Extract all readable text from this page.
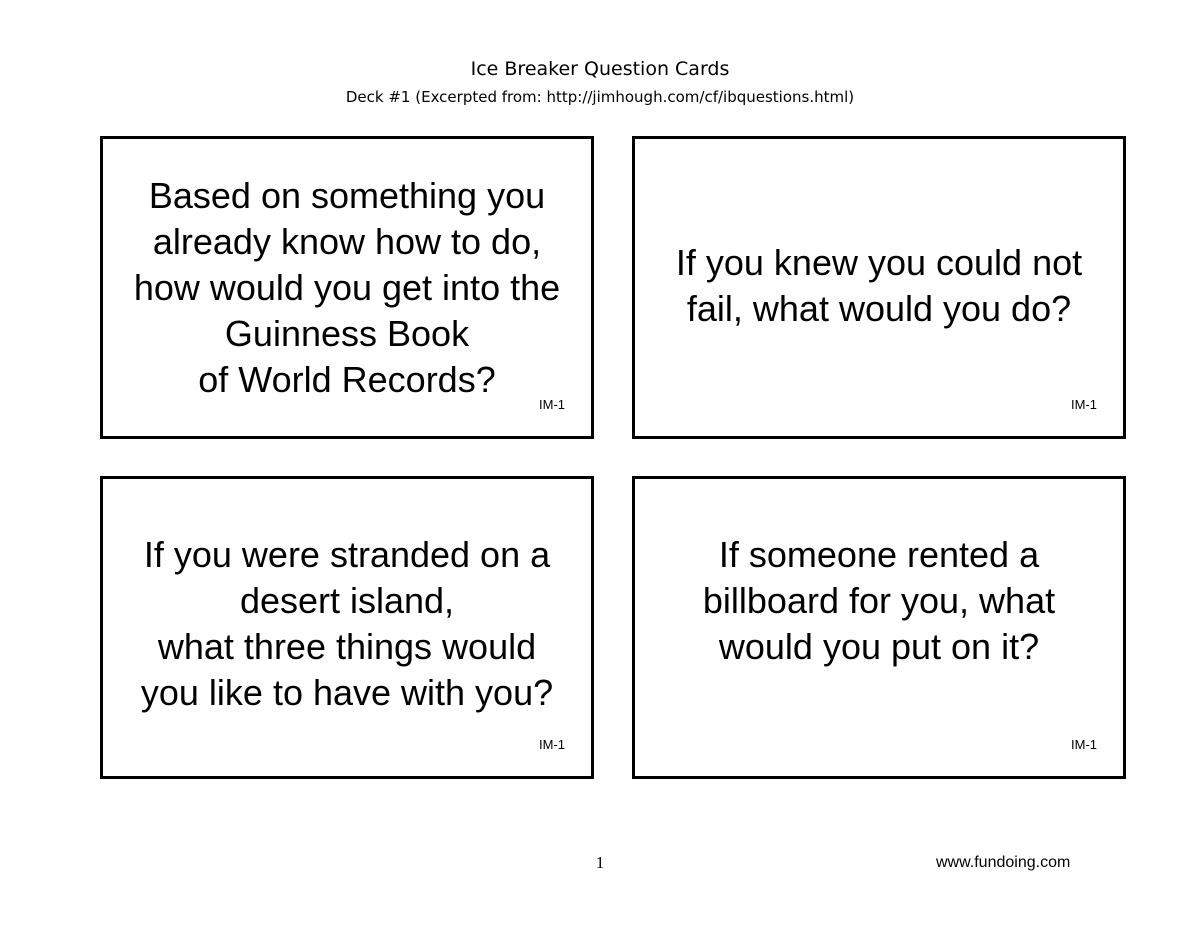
Ice Breaker Question Cards
Deck #1 (Excerpted from: http://jimhough.com/cf/ibquestions.html)
Based on something you
already know how to do,
how would you get into the
Guinness Book
of World Records?
IM-1
If you knew you could not
fail, what would you do?
IM-1
If you were stranded on a
desert island,
what three things would
you like to have with you?
IM-1
If someone rented a
billboard for you, what
would you put on it?
IM-1
1	www.fundoing.com
